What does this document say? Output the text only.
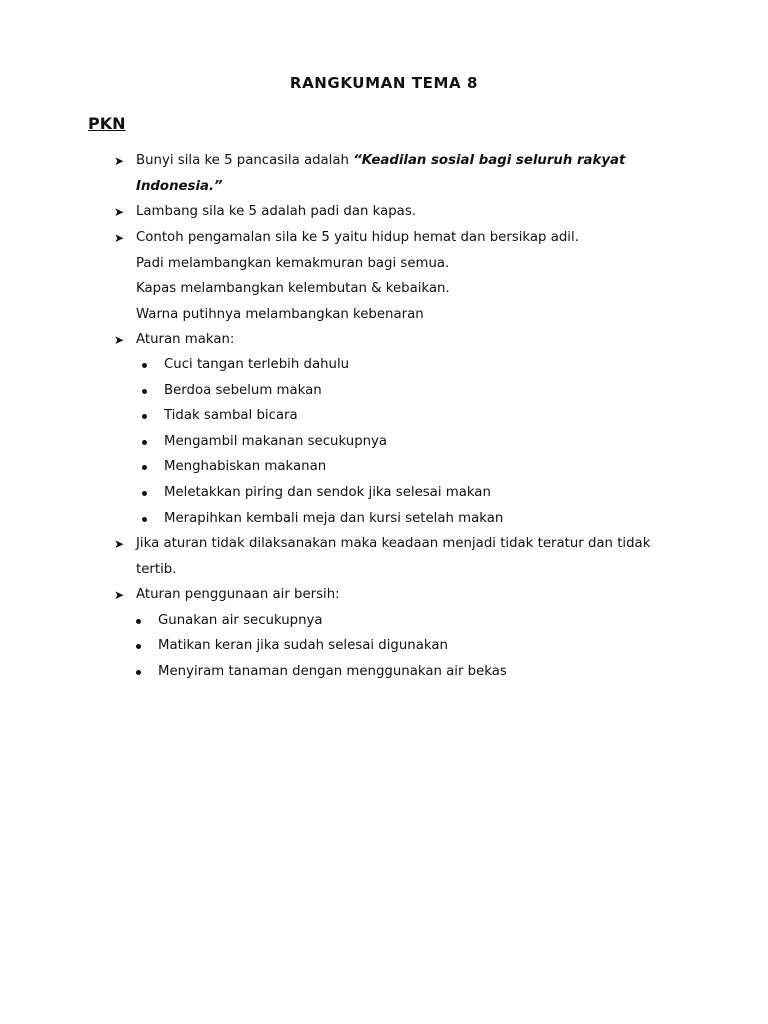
RANGKUMAN TEMA 8
PKN
➤ Bunyi sila ke 5 pancasila adalah “Keadilan sosial bagi seluruh rakyat
Indonesia.”
➤ Lambang sila ke 5 adalah padi dan kapas.
➤ Contoh pengamalan sila ke 5 yaitu hidup hemat dan bersikap adil.
Padi melambangkan kemakmuran bagi semua.
Kapas melambangkan kelembutan & kebaikan.
Warna putihnya melambangkan kebenaran
➤ Aturan makan:
Cuci tangan terlebih dahulu
Berdoa sebelum makan
Tidak sambal bicara
Mengambil makanan secukupnya
Menghabiskan makanan
Meletakkan piring dan sendok jika selesai makan
Merapihkan kembali meja dan kursi setelah makan
➤ Jika aturan tidak dilaksanakan maka keadaan menjadi tidak teratur dan tidak
tertib.
➤ Aturan penggunaan air bersih:
Gunakan air secukupnya
Matikan keran jika sudah selesai digunakan
Menyiram tanaman dengan menggunakan air bekas
